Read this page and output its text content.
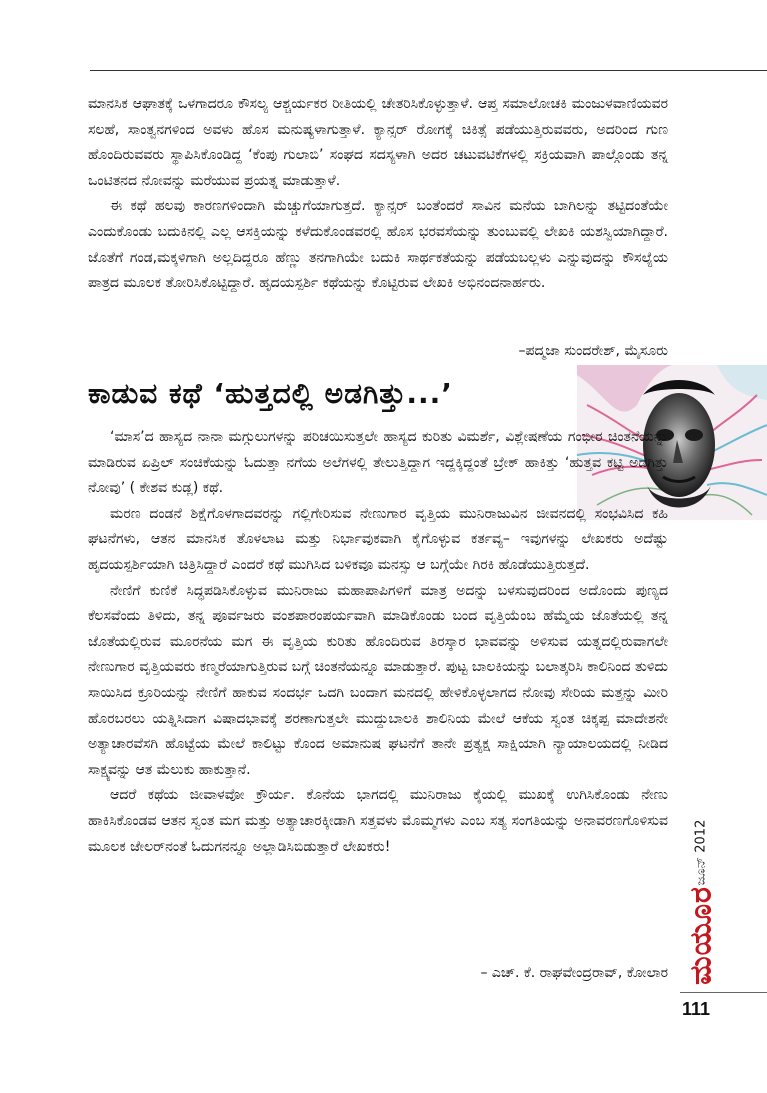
ಮಾನಸಿಕ ಆಘಾತಕ್ಕೆ ಒಳಗಾದರೂ ಕೌಸಲ್ಯ ಆಶ್ಚರ್ಯಕರ ರೀತಿಯಲ್ಲಿ ಚೇತರಿಸಿಕೊಳ್ಳುತ್ತಾಳೆ. ಆಪ್ತ ಸಮಾಲೋಚಕಿ ಮಂಜುಳವಾಣಿಯವರ ಸಲಹೆ, ಸಾಂತ್ವನಗಳಿಂದ ಅವಳು ಹೊಸ ಮನುಷ್ಯಳಾಗುತ್ತಾಳೆ. ಕ್ಯಾನ್ಸರ್ ರೋಗಕ್ಕೆ ಚಿಕಿತ್ಸೆ ಪಡೆಯುತ್ತಿರುವವರು, ಅದರಿಂದ ಗುಣ ಹೊಂದಿರುವವರು ಸ್ಥಾಪಿಸಿಕೊಂಡಿದ್ದ ‘ಕೆಂಪು ಗುಲಾಬಿ’ ಸಂಘದ ಸದಸ್ಯಳಾಗಿ ಅದರ ಚಟುವಟಿಕೆಗಳಲ್ಲಿ ಸಕ್ರಿಯವಾಗಿ ಪಾಲ್ಗೊಂಡು ತನ್ನ ಒಂಟಿತನದ ನೋವನ್ನು ಮರೆಯುವ ಪ್ರಯತ್ನ ಮಾಡುತ್ತಾಳೆ.
ಈ ಕಥೆ ಹಲವು ಕಾರಣಗಳಿಂದಾಗಿ ಮೆಚ್ಚುಗೆಯಾಗುತ್ತದೆ. ಕ್ಯಾನ್ಸರ್ ಬಂತೆಂದರೆ ಸಾವಿನ ಮನೆಯ ಬಾಗಿಲನ್ನು ತಟ್ಟಿದಂತೆಯೇ ಎಂದುಕೊಂಡು ಬದುಕಿನಲ್ಲಿ ಎಲ್ಲ ಆಸಕ್ತಿಯನ್ನು ಕಳೆದುಕೊಂಡವರಲ್ಲಿ ಹೊಸ ಭರವಸೆಯನ್ನು ತುಂಬುವಲ್ಲಿ ಲೇಖಕಿ ಯಶಸ್ವಿಯಾಗಿದ್ದಾರೆ. ಜೊತೆಗೆ ಗಂಡ,ಮಕ್ಕಳಿಗಾಗಿ ಅಲ್ಲದಿದ್ದರೂ ಹೆಣ್ಣು ತನಗಾಗಿಯೇ ಬದುಕಿ ಸಾರ್ಥಕತೆಯನ್ನು ಪಡೆಯಬಲ್ಲಳು ಎನ್ನುವುದನ್ನು ಕೌಸಲ್ಯೆಯ ಪಾತ್ರದ ಮೂಲಕ ತೋರಿಸಿಕೊಟ್ಟಿದ್ದಾರೆ. ಹೃದಯಸ್ಪರ್ಶಿ ಕಥೆಯನ್ನು ಕೊಟ್ಟಿರುವ ಲೇಖಕಿ ಅಭಿನಂದನಾರ್ಹರು.

–ಪದ್ಮಜಾ ಸುಂದರೇಶ್, ಮೈಸೂರು

ಕಾಡುವ ಕಥೆ ‘ಹುತ್ತದಲ್ಲಿ ಅಡಗಿತ್ತು...’

‘ಮಾಸ’ದ ಹಾಸ್ಯದ ನಾನಾ ಮಗ್ಗುಲುಗಳನ್ನು ಪರಿಚಯಿಸುತ್ತಲೇ ಹಾಸ್ಯದ ಕುರಿತು ವಿಮರ್ಶೆ, ವಿಶ್ಲೇಷಣೆಯ ಗಂಭೀರ ಚಿಂತನೆಯನ್ನು ಮಾಡಿರುವ ಏಪ್ರಿಲ್ ಸಂಚಿಕೆಯನ್ನು ಓದುತ್ತಾ ನಗೆಯ ಅಲೆಗಳಲ್ಲಿ ತೇಲುತ್ತಿದ್ದಾಗ ಇದ್ದಕ್ಕಿದ್ದಂತೆ ಬ್ರೇಕ್ ಹಾಕಿತ್ತು ‘ಹುತ್ತವ ಕಟ್ಟಿ ಅಡಗಿತ್ತು ನೋವು’ ( ಕೇಶವ ಕುಡ್ಲ) ಕಥೆ.

ಮರಣ ದಂಡನೆ ಶಿಕ್ಷೆಗೊಳಗಾದವರನ್ನು ಗಲ್ಲಿಗೇರಿಸುವ ನೇಣುಗಾರ ವೃತ್ತಿಯ ಮುನಿರಾಜುವಿನ ಜೀವನದಲ್ಲಿ ಸಂಭವಿಸಿದ ಕಹಿ ಘಟನೆಗಳು, ಆತನ ಮಾನಸಿಕ ತೊಳಲಾಟ ಮತ್ತು ನಿರ್ಭಾವುಕವಾಗಿ ಕೈಗೊಳ್ಳುವ ಕರ್ತವ್ಯ– ಇವುಗಳನ್ನು ಲೇಖಕರು ಅದೆಷ್ಟು ಹೃದಯಸ್ಪರ್ಶಿಯಾಗಿ ಚಿತ್ರಿಸಿದ್ದಾರೆ ಎಂದರೆ ಕಥೆ ಮುಗಿಸಿದ ಬಳಿಕವೂ ಮನಸ್ಸು ಆ ಬಗ್ಗೆಯೇ ಗಿರಕಿ ಹೊಡೆಯುತ್ತಿರುತ್ತದೆ.

ನೇಣಿಗೆ ಕುಣಿಕೆ ಸಿದ್ಧಪಡಿಸಿಕೊಳ್ಳುವ ಮುನಿರಾಜು ಮಹಾಪಾಪಿಗಳಿಗೆ ಮಾತ್ರ ಅದನ್ನು ಬಳಸುವುದರಿಂದ ಅದೊಂದು ಪುಣ್ಯದ ಕೆಲಸವೆಂದು ತಿಳಿದು, ತನ್ನ ಪೂರ್ವಜರು ವಂಶಪಾರಂಪರ್ಯವಾಗಿ ಮಾಡಿಕೊಂಡು ಬಂದ ವೃತ್ತಿಯೆಂಬ ಹೆಮ್ಮೆಯ ಜೊತೆಯಲ್ಲಿ ತನ್ನ ಜೊತೆಯಲ್ಲಿರುವ ಮೂರನೆಯ ಮಗ ಈ ವೃತ್ತಿಯ ಕುರಿತು ಹೊಂದಿರುವ ತಿರಸ್ಕಾರ ಭಾವವನ್ನು ಅಳಿಸುವ ಯತ್ನದಲ್ಲಿರುವಾಗಲೇ ನೇಣುಗಾರ ವೃತ್ತಿಯವರು ಕಣ್ಮರೆಯಾಗುತ್ತಿರುವ ಬಗ್ಗೆ ಚಿಂತನೆಯನ್ನೂ ಮಾಡುತ್ತಾರೆ. ಪುಟ್ಟ ಬಾಲಕಿಯನ್ನು ಬಲಾತ್ಕರಿಸಿ ಕಾಲಿನಿಂದ ತುಳಿದು ಸಾಯಿಸಿದ ಕ್ರೂರಿಯನ್ನು ನೇಣಿಗೆ ಹಾಕುವ ಸಂದರ್ಭ ಒದಗಿ ಬಂದಾಗ ಮನದಲ್ಲಿ ಹೇಳಿಕೊಳ್ಳಲಾಗದ ನೋವು ಸೇರಿಯ ಮತ್ತನ್ನು ಮೀರಿ ಹೊರಬರಲು ಯತ್ನಿಸಿದಾಗ ವಿಷಾದಭಾವಕ್ಕೆ ಶರಣಾಗುತ್ತಲೇ ಮುದ್ದುಬಾಲಕಿ ಶಾಲಿನಿಯ ಮೇಲೆ ಆಕೆಯ ಸ್ವಂತ ಚಿಕ್ಕಪ್ಪ ಮಾದೇಶನೇ ಅತ್ಯಾಚಾರವೆಸಗಿ ಹೊಟ್ಟೆಯ ಮೇಲೆ ಕಾಲಿಟ್ಟು ಕೊಂದ ಅಮಾನುಷ ಘಟನೆಗೆ ತಾನೇ ಪ್ರತ್ಯಕ್ಷ ಸಾಕ್ಷಿಯಾಗಿ ನ್ಯಾಯಾಲಯದಲ್ಲಿ ನೀಡಿದ ಸಾಕ್ಷ್ಯವನ್ನು ಆತ ಮೆಲುಕು ಹಾಕುತ್ತಾನೆ.

ಆದರೆ ಕಥೆಯ ಜೀವಾಳವೋ ಕ್ರೌರ್ಯ. ಕೊನೆಯ ಭಾಗದಲ್ಲಿ ಮುನಿರಾಜು ಕೈಯಲ್ಲಿ ಮುಖಕ್ಕೆ ಉಗಿಸಿಕೊಂಡು ನೇಣು ಹಾಕಿಸಿಕೊಂಡವ ಆತನ ಸ್ವಂತ ಮಗ ಮತ್ತು ಅತ್ಯಾಚಾರಕ್ಕೀಡಾಗಿ ಸತ್ತವಳು ಮೊಮ್ಮಗಳು ಎಂಬ ಸತ್ಯ ಸಂಗತಿಯನ್ನು ಅನಾವರಣಗೊಳಿಸುವ ಮೂಲಕ ಜೇಲರ್‌ನಂತೆ ಓದುಗನನ್ನೂ ಅಲ್ಲಾಡಿಸಿಬಿಡುತ್ತಾರೆ ಲೇಖಕರು!

– ಎಚ್. ಕೆ. ರಾಘವೇಂದ್ರರಾವ್, ಕೋಲಾರ

ಜೂನ್ 2012
ಮಯೂರ
111
